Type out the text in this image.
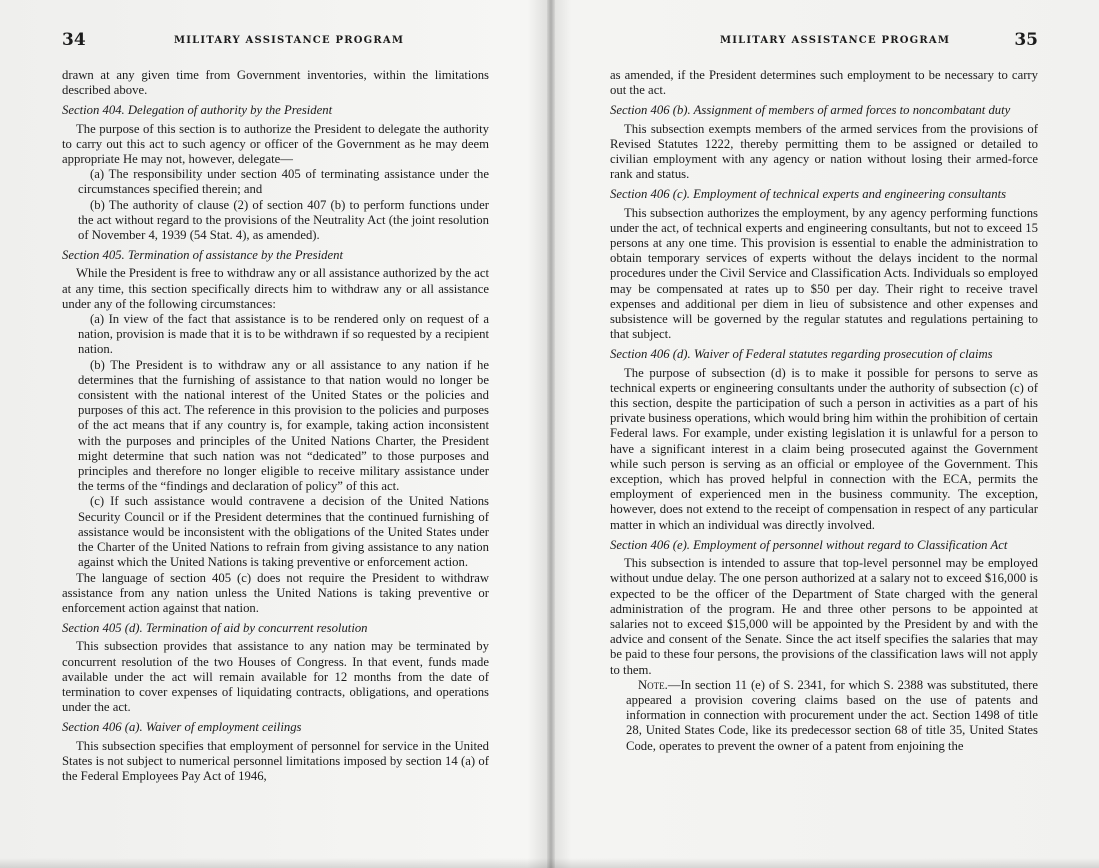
34	MILITARY ASSISTANCE PROGRAM

drawn at any given time from Government inventories, within the limitations described above.

Section 404. Delegation of authority by the President

The purpose of this section is to authorize the President to delegate the authority to carry out this act to such agency or officer of the Government as he may deem appropriate He may not, however, delegate—

(a) The responsibility under section 405 of terminating assistance under the circumstances specified therein; and

(b) The authority of clause (2) of section 407 (b) to perform functions under the act without regard to the provisions of the Neutrality Act (the joint resolution of November 4, 1939 (54 Stat. 4), as amended).

Section 405. Termination of assistance by the President

While the President is free to withdraw any or all assistance authorized by the act at any time, this section specifically directs him to withdraw any or all assistance under any of the following circumstances:

(a) In view of the fact that assistance is to be rendered only on request of a nation, provision is made that it is to be withdrawn if so requested by a recipient nation.

(b) The President is to withdraw any or all assistance to any nation if he determines that the furnishing of assistance to that nation would no longer be consistent with the national interest of the United States or the policies and purposes of this act. The reference in this provision to the policies and purposes of the act means that if any country is, for example, taking action inconsistent with the purposes and principles of the United Nations Charter, the President might determine that such nation was not “dedicated” to those purposes and principles and therefore no longer eligible to receive military assistance under the terms of the “findings and declaration of policy” of this act.

(c) If such assistance would contravene a decision of the United Nations Security Council or if the President determines that the continued furnishing of assistance would be inconsistent with the obligations of the United States under the Charter of the United Nations to refrain from giving assistance to any nation against which the United Nations is taking preventive or enforcement action.

The language of section 405 (c) does not require the President to withdraw assistance from any nation unless the United Nations is taking preventive or enforcement action against that nation.

Section 405 (d). Termination of aid by concurrent resolution

This subsection provides that assistance to any nation may be terminated by concurrent resolution of the two Houses of Congress. In that event, funds made available under the act will remain available for 12 months from the date of termination to cover expenses of liquidating contracts, obligations, and operations under the act.

Section 406 (a). Waiver of employment ceilings

This subsection specifies that employment of personnel for service in the United States is not subject to numerical personnel limitations imposed by section 14 (a) of the Federal Employees Pay Act of 1946,

MILITARY ASSISTANCE PROGRAM	35

as amended, if the President determines such employment to be necessary to carry out the act.

Section 406 (b). Assignment of members of armed forces to noncombatant duty

This subsection exempts members of the armed services from the provisions of Revised Statutes 1222, thereby permitting them to be assigned or detailed to civilian employment with any agency or nation without losing their armed-force rank and status.

Section 406 (c). Employment of technical experts and engineering consultants

This subsection authorizes the employment, by any agency performing functions under the act, of technical experts and engineering consultants, but not to exceed 15 persons at any one time. This provision is essential to enable the administration to obtain temporary services of experts without the delays incident to the normal procedures under the Civil Service and Classification Acts. Individuals so employed may be compensated at rates up to $50 per day. Their right to receive travel expenses and additional per diem in lieu of subsistence and other expenses and subsistence will be governed by the regular statutes and regulations pertaining to that subject.

Section 406 (d). Waiver of Federal statutes regarding prosecution of claims

The purpose of subsection (d) is to make it possible for persons to serve as technical experts or engineering consultants under the authority of subsection (c) of this section, despite the participation of such a person in activities as a part of his private business operations, which would bring him within the prohibition of certain Federal laws. For example, under existing legislation it is unlawful for a person to have a significant interest in a claim being prosecuted against the Government while such person is serving as an official or employee of the Government. This exception, which has proved helpful in connection with the ECA, permits the employment of experienced men in the business community. The exception, however, does not extend to the receipt of compensation in respect of any particular matter in which an individual was directly involved.

Section 406 (e). Employment of personnel without regard to Classification Act

This subsection is intended to assure that top-level personnel may be employed without undue delay. The one person authorized at a salary not to exceed $16,000 is expected to be the officer of the Department of State charged with the general administration of the program. He and three other persons to be appointed at salaries not to exceed $15,000 will be appointed by the President by and with the advice and consent of the Senate. Since the act itself specifies the salaries that may be paid to these four persons, the provisions of the classification laws will not apply to them.

Note.—In section 11 (e) of S. 2341, for which S. 2388 was substituted, there appeared a provision covering claims based on the use of patents and information in connection with procurement under the act. Section 1498 of title 28, United States Code, like its predecessor section 68 of title 35, United States Code, operates to prevent the owner of a patent from enjoining the
